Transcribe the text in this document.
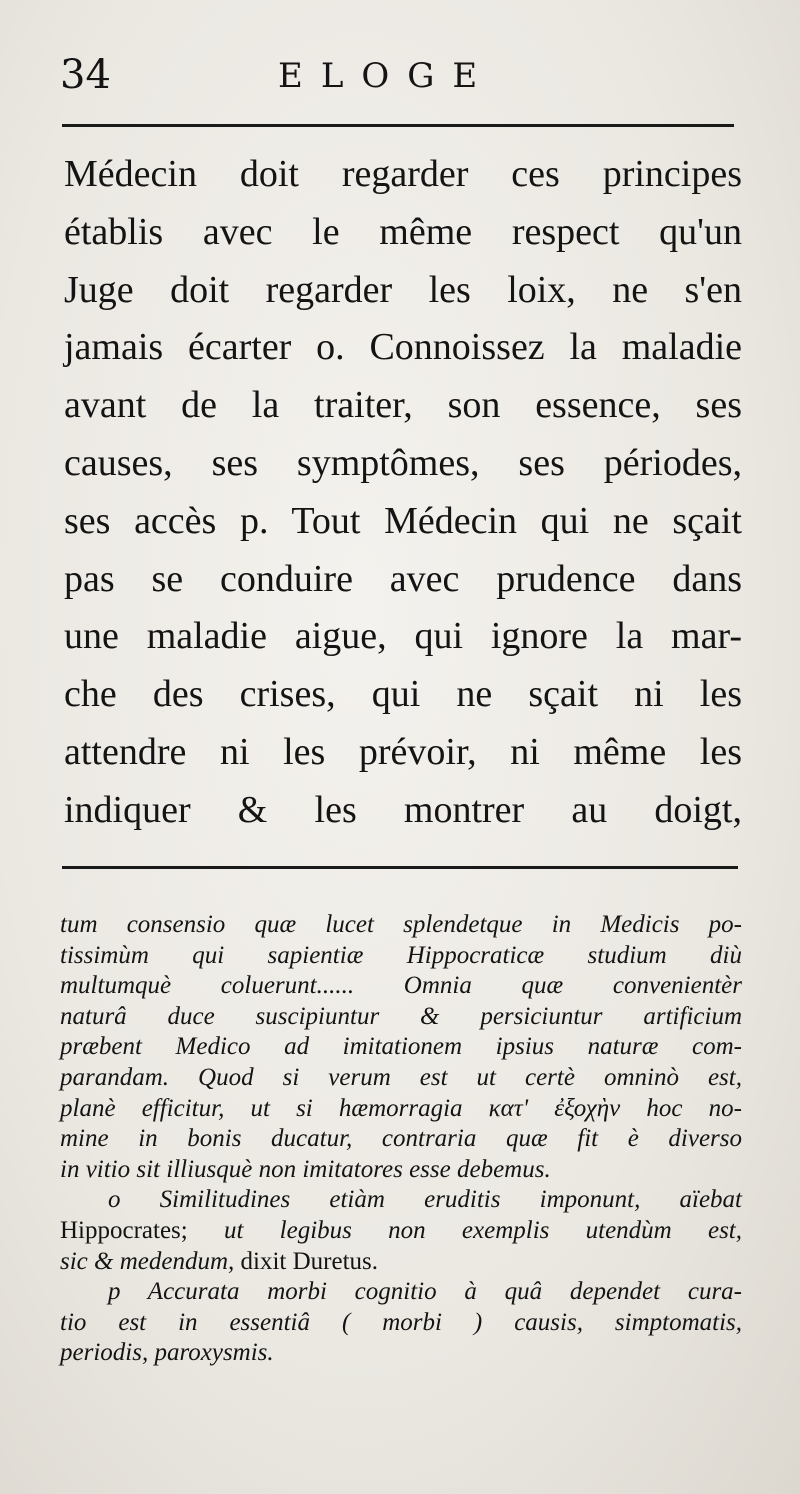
34	ELOGE
Médecin doit regarder ces principes
établis avec le même respect qu'un
Juge doit regarder les loix, ne s'en
jamais écarter o. Connoissez la maladie
avant de la traiter, son essence, ses
causes, ses symptômes, ses périodes,
ses accès p. Tout Médecin qui ne sçait
pas se conduire avec prudence dans
une maladie aigue, qui ignore la mar-
che des crises, qui ne sçait ni les
attendre ni les prévoir, ni même les
indiquer & les montrer au doigt,
tum consensio quæ lucet splendetque in Medicis po-
tissimùm qui sapientiæ Hippocraticæ studium diù
multumquè coluerunt...... Omnia quæ convenientèr
naturâ duce suscipiuntur & persiciuntur artificium
præbent Medico ad imitationem ipsius naturæ com-
parandam. Quod si verum est ut certè omninò est,
planè efficitur, ut si hæmorragia κατ' ἐξοχὴν hoc no-
mine in bonis ducatur, contraria quæ fit è diverso
in vitio sit illiusquè non imitatores esse debemus.
o Similitudines etiàm eruditis imponunt, aïebat
Hippocrates; ut legibus non exemplis utendùm est,
sic & medendum, dixit Duretus.
p Accurata morbi cognitio à quâ dependet cura-
tio est in essentiâ ( morbi ) causis, simptomatis,
periodis, paroxysmis.
